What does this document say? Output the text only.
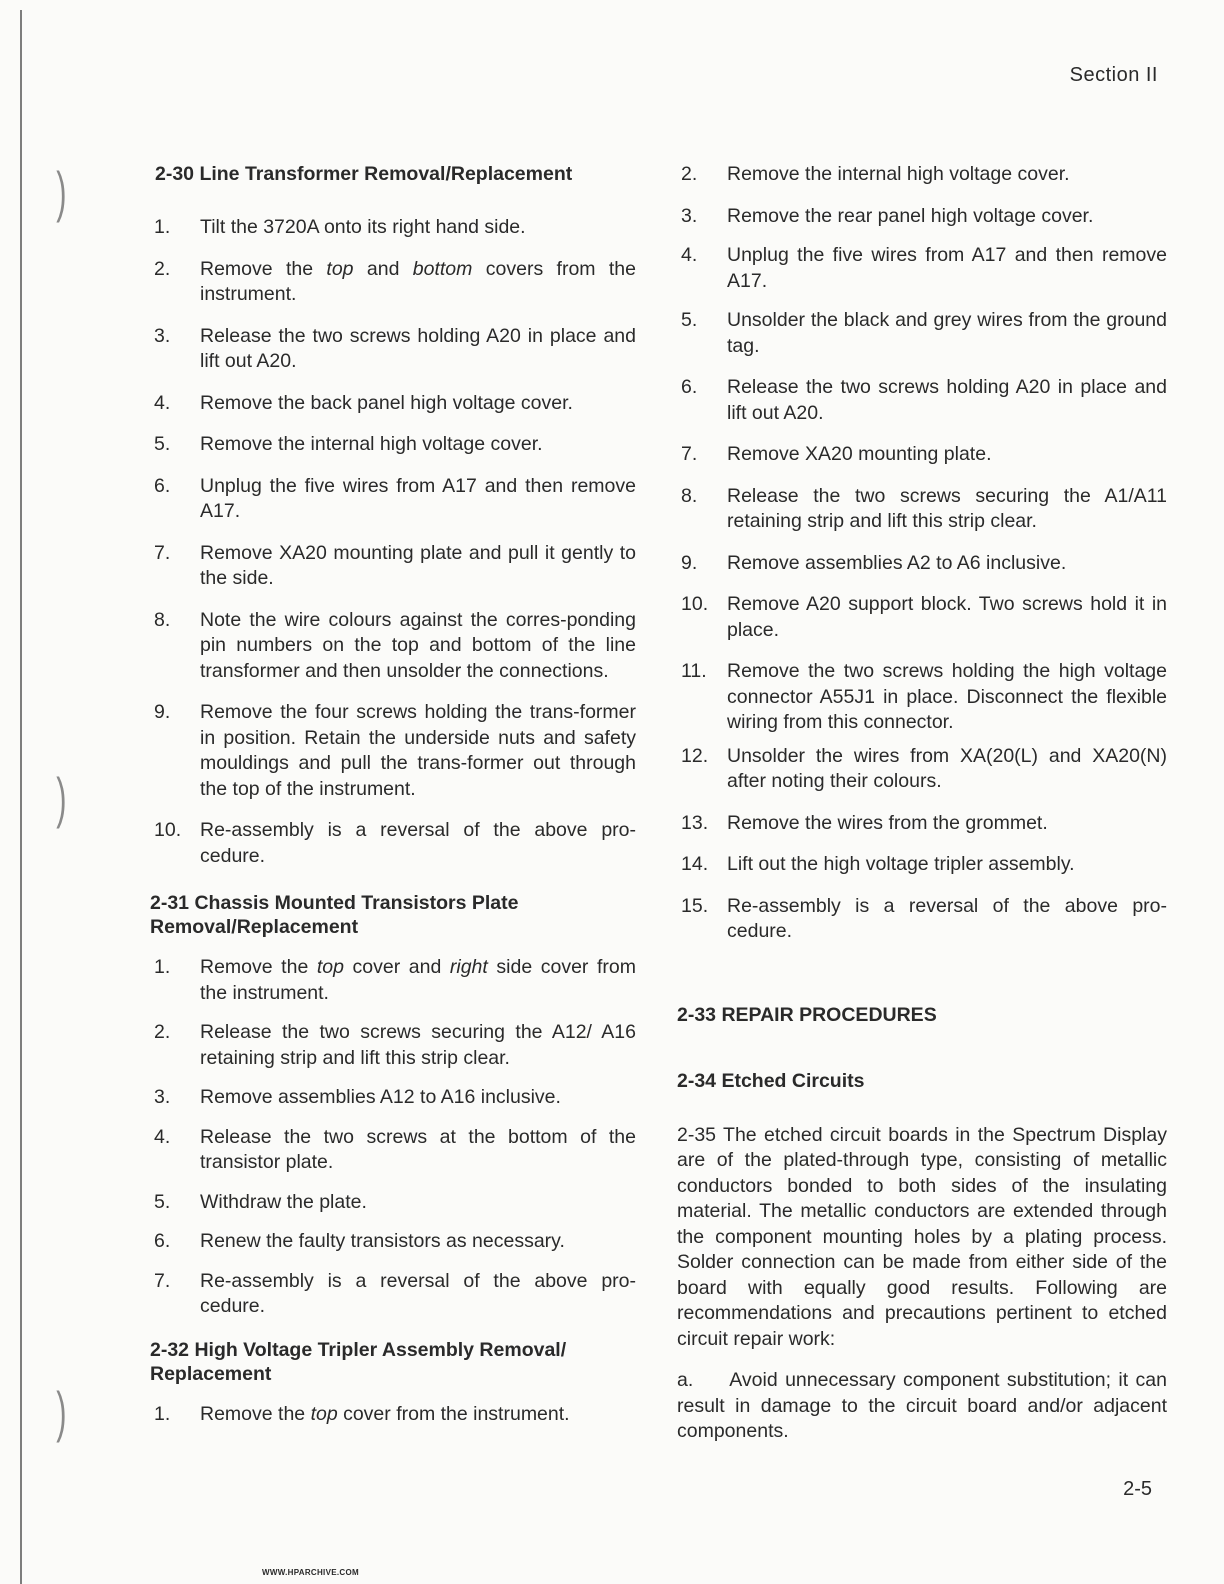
)
)
)
Section II
2-30 Line Transformer Removal/Replacement
1.	Tilt the 3720A onto its right hand side.
2.	Remove the top and bottom covers from the instrument.
3.	Release the two screws holding A20 in place and lift out A20.
4.	Remove the back panel high voltage cover.
5.	Remove the internal high voltage cover.
6.	Unplug the five wires from A17 and then remove A17.
7.	Remove XA20 mounting plate and pull it gently to the side.
8.	Note the wire colours against the corres-ponding pin numbers on the top and bottom of the line transformer and then unsolder the connections.
9.	Remove the four screws holding the trans-former in position. Retain the underside nuts and safety mouldings and pull the trans-former out through the top of the instrument.
10. Re-assembly is a reversal of the above pro-cedure.
2-31 Chassis Mounted Transistors Plate
Removal/Replacement
1.	Remove the top cover and right side cover from the instrument.
2.	Release the two screws securing the A12/ A16 retaining strip and lift this strip clear.
3.	Remove assemblies A12 to A16 inclusive.
4.	Release the two screws at the bottom of the transistor plate.
5.	Withdraw the plate.
6.	Renew the faulty transistors as necessary.
7.	Re-assembly is a reversal of the above pro-cedure.
2-32 High Voltage Tripler Assembly Removal/
Replacement
1.	Remove the top cover from the instrument.
2.	Remove the internal high voltage cover.
3.	Remove the rear panel high voltage cover.
4.	Unplug the five wires from A17 and then remove A17.
5.	Unsolder the black and grey wires from the ground tag.
6.	Release the two screws holding A20 in place and lift out A20.
7.	Remove XA20 mounting plate.
8.	Release the two screws securing the A1/A11 retaining strip and lift this strip clear.
9.	Remove assemblies A2 to A6 inclusive.
10. Remove A20 support block. Two screws hold it in place.
11.	Remove the two screws holding the high voltage connector A55J1 in place. Disconnect the flexible wiring from this connector.
12. Unsolder the wires from XA(20(L) and XA20(N) after noting their colours.
13. Remove the wires from the grommet.
14. Lift out the high voltage tripler assembly.
15. Re-assembly is a reversal of the above pro-cedure.
2-33 REPAIR PROCEDURES
2-34 Etched Circuits

2-35 The etched circuit boards in the Spectrum Display are of the plated-through type, consisting of metallic conductors bonded to both sides of the insulating material. The metallic conductors are extended through the component mounting holes by a plating process. Solder connection can be made from either side of the board with equally good results. Following are recommendations and precautions pertinent to etched circuit repair work:

a. Avoid unnecessary component substitution; it can result in damage to the circuit board and/or adjacent components.

2-5
WWW.HPARCHIVE.COM
